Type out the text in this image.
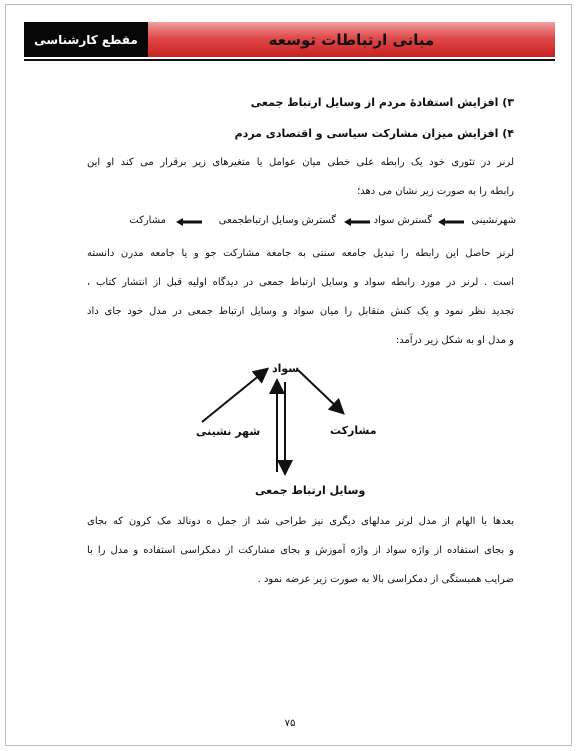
مقطع کارشناسی	مبانی ارتباطات توسعه
۳) افزایش استفادۀ مردم از وسایل ارتباط جمعی
۴) افزایش میزان مشارکت سیاسی و اقتصادی مردم
لرنر در تئوری خود یک رابطه علی خطی میان عوامل یا متغیرهای زیر برقرار می کند او این
رابطه را به صورت زیر نشان می دهد؛
شهرنشینی
گسترش سواد
گسترش وسایل ارتباطجمعی
مشارکت
لرنر حاصل این رابطه را تبدیل جامعه سنتی به جامعه مشارکت جو و یا جامعه مدرن دانسته
است . لرنر در مورد رابطه سواد و وسایل ارتباط جمعی در دیدگاه اولیه قبل از انتشار کتاب ،
تجدید نظر نمود و یک کنش متقابل را میان سواد و وسایل ارتباط جمعی در مدل خود جای داد
و مدل او به شکل زیر درآمد:
سواد
شهر نشینی	مشارکت
وسایل ارتباط جمعی
بعدها با الهام از مدل لرنر مدلهای دیگری نیز طراحی شد از جمل ه دونالد مک کرون که بجای
و بجای استفاده از واژه سواد از واژه آموزش و بجای مشارکت از دمکراسی استفاده و مدل را با
ضرایب همبستگی از دمکراسی بالا به صورت زیر عرضه نمود .
۷۵
